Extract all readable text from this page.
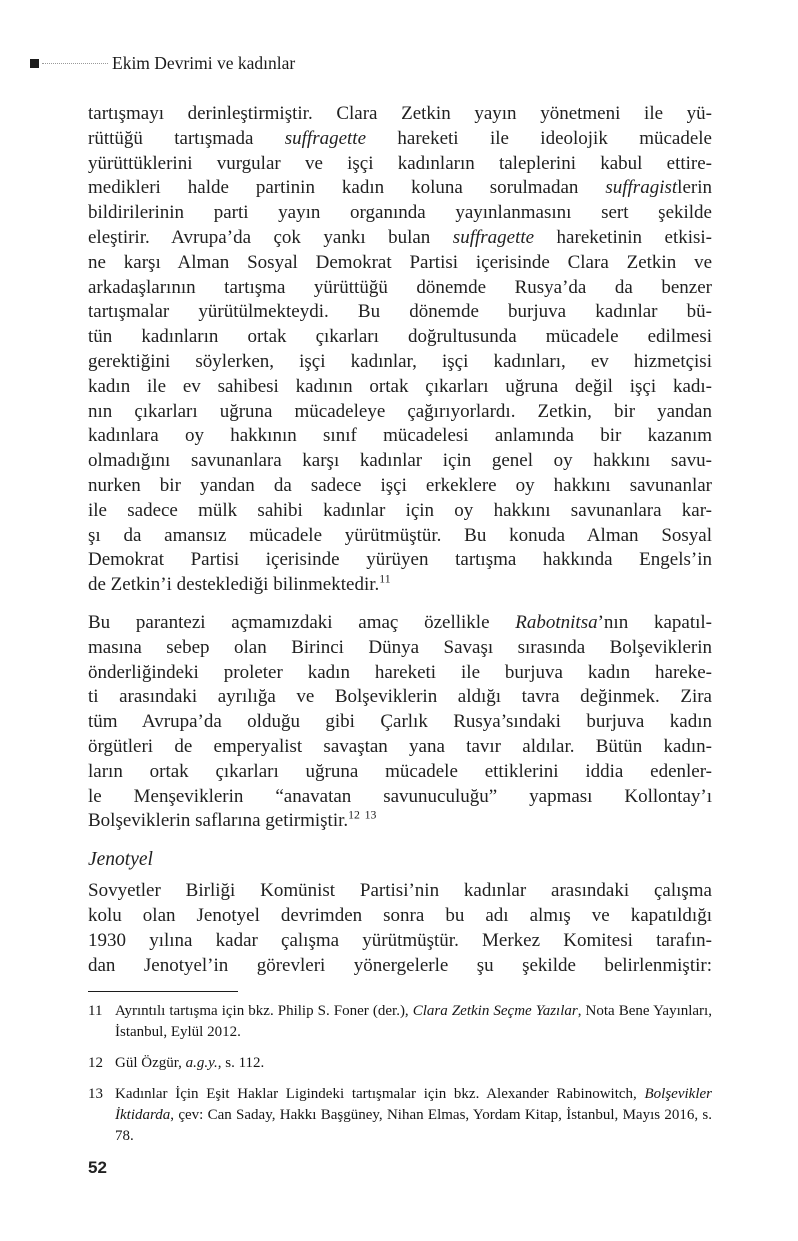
Ekim Devrimi ve kadınlar
tartışmayı derinleştirmiştir. Clara Zetkin yayın yönetmeni ile yü-
rüttüğü tartışmada suffragette hareketi ile ideolojik mücadele
yürüttüklerini vurgular ve işçi kadınların taleplerini kabul ettire-
medikleri halde partinin kadın koluna sorulmadan suffragistlerin
bildirilerinin parti yayın organında yayınlanmasını sert şekilde
eleştirir. Avrupa’da çok yankı bulan suffragette hareketinin etkisi-
ne karşı Alman Sosyal Demokrat Partisi içerisinde Clara Zetkin ve
arkadaşlarının tartışma yürüttüğü dönemde Rusya’da da benzer
tartışmalar yürütülmekteydi. Bu dönemde burjuva kadınlar bü-
tün kadınların ortak çıkarları doğrultusunda mücadele edilmesi
gerektiğini söylerken, işçi kadınlar, işçi kadınları, ev hizmetçisi
kadın ile ev sahibesi kadının ortak çıkarları uğruna değil işçi kadı-
nın çıkarları uğruna mücadeleye çağırıyorlardı. Zetkin, bir yandan
kadınlara oy hakkının sınıf mücadelesi anlamında bir kazanım
olmadığını savunanlara karşı kadınlar için genel oy hakkını savu-
nurken bir yandan da sadece işçi erkeklere oy hakkını savunanlar
ile sadece mülk sahibi kadınlar için oy hakkını savunanlara kar-
şı da amansız mücadele yürütmüştür. Bu konuda Alman Sosyal
Demokrat Partisi içerisinde yürüyen tartışma hakkında Engels’in
de Zetkin’i desteklediği bilinmektedir.$^{11}$
Bu parantezi açmamızdaki amaç özellikle Rabotnitsa’nın kapatıl-
masına sebep olan Birinci Dünya Savaşı sırasında Bolşeviklerin
önderliğindeki proleter kadın hareketi ile burjuva kadın hareke-
ti arasındaki ayrılığa ve Bolşeviklerin aldığı tavra değinmek. Zira
tüm Avrupa’da olduğu gibi Çarlık Rusya’sındaki burjuva kadın
örgütleri de emperyalist savaştan yana tavır aldılar. Bütün kadın-
ların ortak çıkarları uğruna mücadele ettiklerini iddia edenler-
le Menşeviklerin “anavatan savunuculuğu” yapması Kollontay’ı
Bolşeviklerin saflarına getirmiştir.$^{12}$ $^{13}$
Jenotyel
Sovyetler Birliği Komünist Partisi’nin kadınlar arasındaki çalışma
kolu olan Jenotyel devrimden sonra bu adı almış ve kapatıldığı
1930 yılına kadar çalışma yürütmüştür. Merkez Komitesi tarafın-
dan Jenotyel’in görevleri yönergelerle şu şekilde belirlenmiştir:
11 Ayrıntılı tartışma için bkz. Philip S. Foner (der.), Clara Zetkin Seçme Yazılar, Nota Bene Yayınları, İstanbul, Eylül 2012.
12 Gül Özgür, a.g.y., s. 112.
13 Kadınlar İçin Eşit Haklar Ligindeki tartışmalar için bkz. Alexander Rabinowitch, Bolşevikler İktidarda, çev: Can Saday, Hakkı Başgüney, Nihan Elmas, Yordam Kitap, İstanbul, Mayıs 2016, s. 78.
52
